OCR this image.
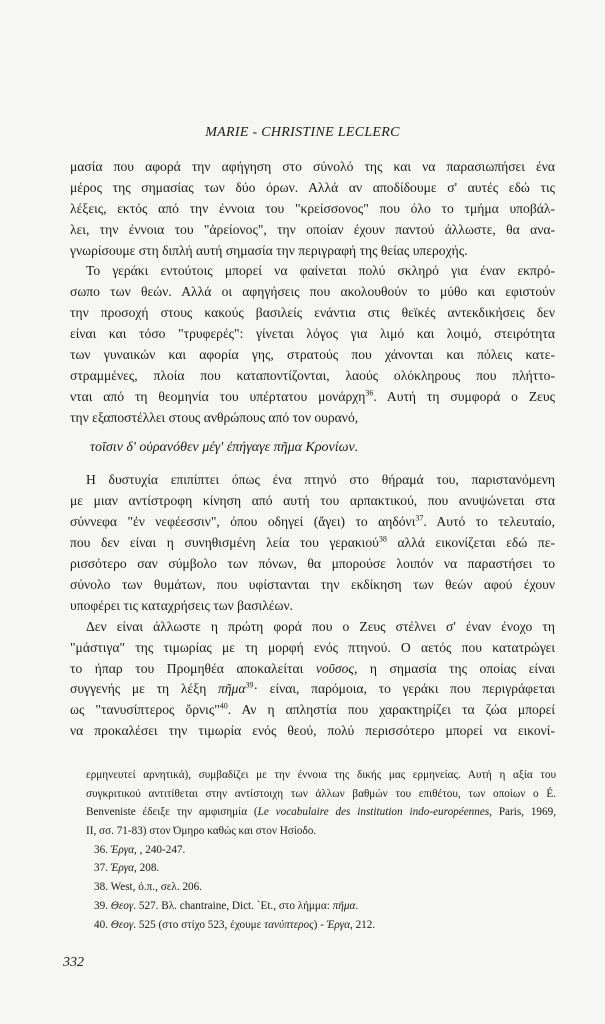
MARIE - CHRISTINE LECLERC
μασία που αφορά την αφήγηση στο σύνολό της και να παρασιωπήσει ένα
μέρος της σημασίας των δύο όρων. Αλλά αν αποδίδουμε σ' αυτές εδώ τις
λέξεις, εκτός από την έννοια του "κρείσσονος" που όλο το τμήμα υποβάλ-
λει, την έννοια του "ἀρείονος", την οποίαν έχουν παντού άλλωστε, θα ανα-
γνωρίσουμε στη διπλή αυτή σημασία την περιγραφή της θείας υπεροχής.
Το γεράκι εντούτοις μπορεί να φαίνεται πολύ σκληρό για έναν εκπρό-
σωπο των θεών. Αλλά οι αφηγήσεις που ακολουθούν το μύθο και εφιστούν
την προσοχή στους κακούς βασιλείς ενάντια στις θεϊκές αντεκδικήσεις δεν
είναι και τόσο "τρυφερές": γίνεται λόγος για λιμό και λοιμό, στειρότητα
των γυναικών και αφορία γης, στρατούς που χάνονται και πόλεις κατε-
στραμμένες, πλοία που καταποντίζονται, λαούς ολόκληρους που πλήττο-
νται από τη θεομηνία του υπέρτατου μονάρχη$^{36}$. Αυτή τη συμφορά ο Ζευς
την εξαποστέλλει στους ανθρώπους από τον ουρανό,
τοῖσιν δ' οὐρανόθεν μέγ' ἐπήγαγε πῆμα Κρονίων.
Η δυστυχία επιπίπτει όπως ένα πτηνό στο θήραμά του, παριστανόμενη
με μιαν αντίστροφη κίνηση από αυτή του αρπακτικού, που ανυψώνεται στα
σύννεφα "ἐν νεφέεσσιν", όπου οδηγεί (ἄγει) το αηδόνι$^{37}$. Αυτό το τελευταίο,
που δεν είναι η συνηθισμένη λεία του γερακιού$^{38}$ αλλά εικονίζεται εδώ πε-
ρισσότερο σαν σύμβολο των πόνων, θα μπορούσε λοιπόν να παραστήσει το
σύνολο των θυμάτων, που υφίστανται την εκδίκηση των θεών αφού έχουν
υποφέρει τις καταχρήσεις των βασιλέων.
Δεν είναι άλλωστε η πρώτη φορά που ο Ζευς στέλνει σ' έναν ένοχο τη
"μάστιγα" της τιμωρίας με τη μορφή ενός πτηνού. Ο αετός που κατατρώγει
το ήπαρ του Προμηθέα αποκαλείται νοῦσος, η σημασία της οποίας είναι
συγγενής με τη λέξη πῆμα$^{39}$· είναι, παρόμοια, το γεράκι που περιγράφεται
ως "τανυσίπτερος ὄρνις"$^{40}$. Αν η απληστία που χαρακτηρίζει τα ζώα μπορεί
να προκαλέσει την τιμωρία ενός θεού, πολύ περισσότερο μπορεί να εικονί-
ερμηνευτεί αρνητικά), συμβαδίζει με την έννοια της δικής μας ερμηνείας. Αυτή η αξία του
συγκριτικού αντιτίθεται στην αντίστοιχη των άλλων βαθμών του επιθέτου, των οποίων ο É.
Benveniste έδειξε την αμφισημία (Le vocabulaire des institution indo-européennes, Paris, 1969,
II, σσ. 71-83) στον Όμηρο καθώς και στον Ησίοδο.
36. Έργα, , 240-247.
37. Έργα, 208.
38. West, ό.π., σελ. 206.
39. Θεογ. 527. Βλ. chantraine, Dict. `Et., στο λήμμα: πῆμα.
40. Θεογ. 525 (στο στίχο 523, έχουμε τανύπτερος) - Έργα, 212.
332
